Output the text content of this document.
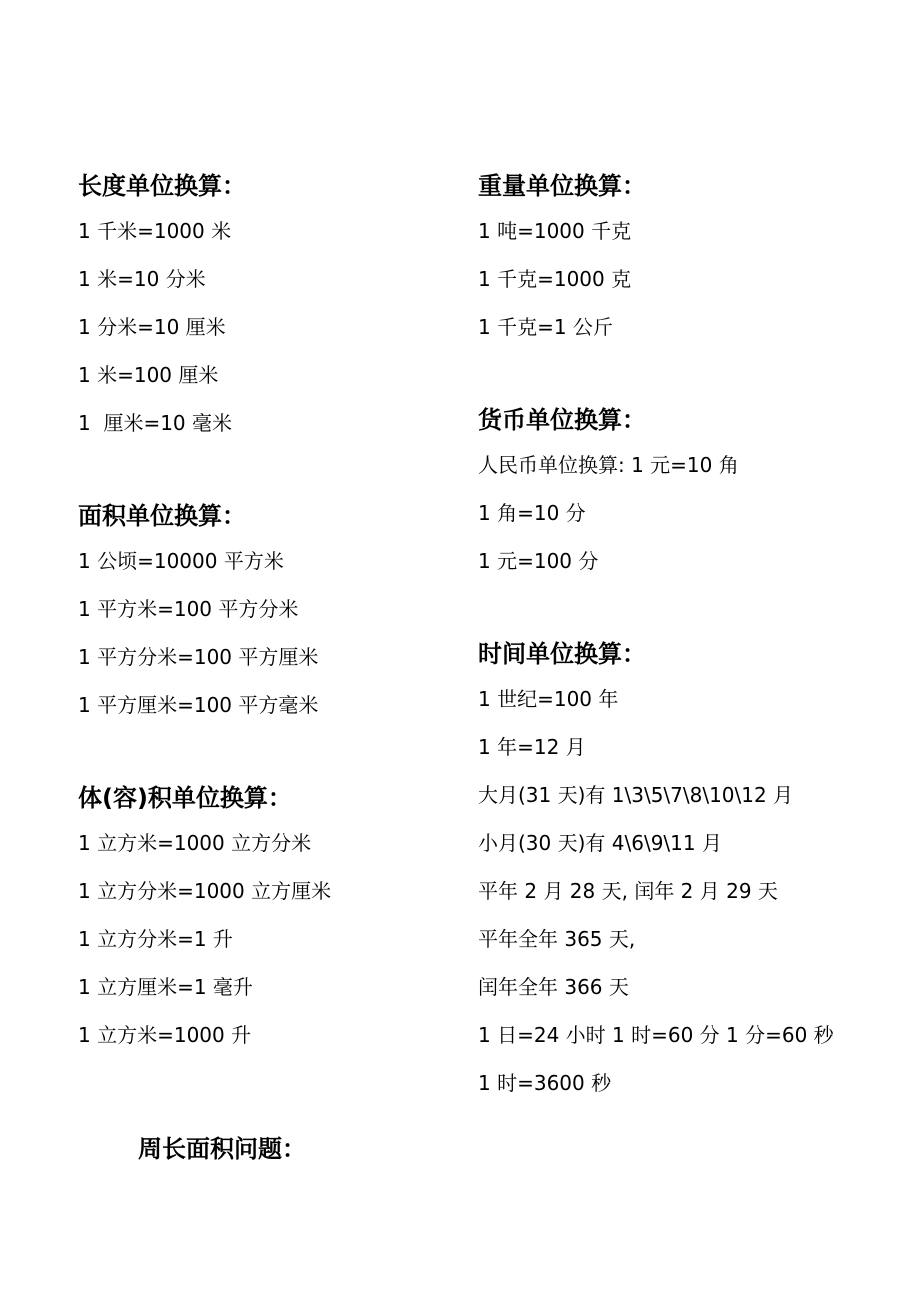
长度单位换算：
1 千米=1000 米
1 米=10 分米
1 分米=10 厘米
1 米=100 厘米
1  厘米=10 毫米
面积单位换算：
1 公顷=10000 平方米
1 平方米=100 平方分米
1 平方分米=100 平方厘米
1 平方厘米=100 平方毫米
体(容)积单位换算：
1 立方米=1000 立方分米
1 立方分米=1000 立方厘米
1 立方分米=1 升
1 立方厘米=1 毫升
1 立方米=1000 升
重量单位换算：
1 吨=1000 千克
1 千克=1000 克
1 千克=1 公斤
货币单位换算：
人民币单位换算: 1 元=10 角
1 角=10 分
1 元=100 分
时间单位换算：
1 世纪=100 年
1 年=12 月
大月(31 天)有 1\3\5\7\8\10\12 月
小月(30 天)有 4\6\9\11 月
平年 2 月 28 天, 闰年 2 月 29 天
平年全年 365 天,
闰年全年 366 天
1 日=24 小时 1 时=60 分 1 分=60 秒
1 时=3600 秒
周长面积问题：
